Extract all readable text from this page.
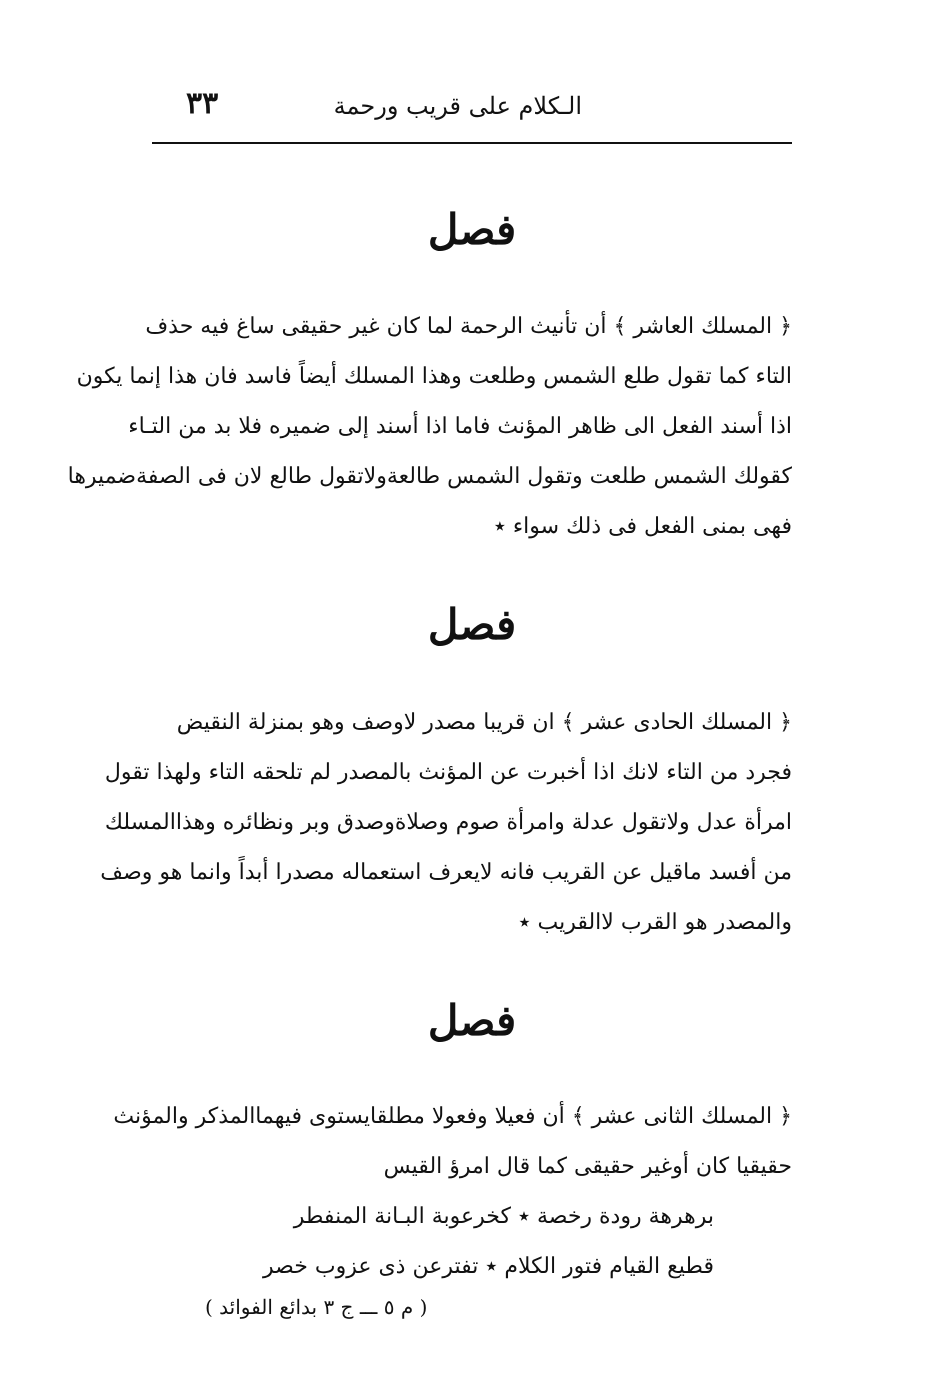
الـكلام على قريب ورحمة
٣٣
فصل
﴿ المسلك العاشر ﴾ أن تأنيث الرحمة لما كان غير حقيقى ساغ فيه حذف
التاء كما تقول طلع الشمس وطلعت وهذا المسلك أيضاً فاسد فان هذا إنما يكون
اذا أسند الفعل الى ظاهر المؤنث فاما اذا أسند إلى ضميره فلا بد من التـاء
كقولك الشمس طلعت وتقول الشمس طالعةولاتقول طالع لان فى الصفةضميرها
فهى بمنى الفعل فى ذلك سواء ٭
فصل
﴿ المسلك الحادى عشر ﴾ ان قريبا مصدر لاوصف وهو بمنزلة النقيض
فجرد من التاء لانك اذا أخبرت عن المؤنث بالمصدر لم تلحقه التاء ولهذا تقول
امرأة عدل ولاتقول عدلة وامرأة صوم وصلاةوصدق وبر ونظائره وهذاالمسلك
من أفسد ماقيل عن القريب فانه لايعرف استعماله مصدرا أبداً وانما هو وصف
والمصدر هو القرب لاالقريب ٭
فصل
﴿ المسلك الثانى عشر ﴾ أن فعيلا وفعولا مطلقايستوى فيهماالمذكر والمؤنث
حقيقيا كان أوغير حقيقى كما قال امرؤ القيس
برهرهة رودة رخصة ٭ كخرعوبة البـانة المنفطر
قطيع القيام فتور الكلام ٭ تفترعن ذى عزوب خصر
( م ٥ ـــ ج ٣ بدائع الفوائد )
